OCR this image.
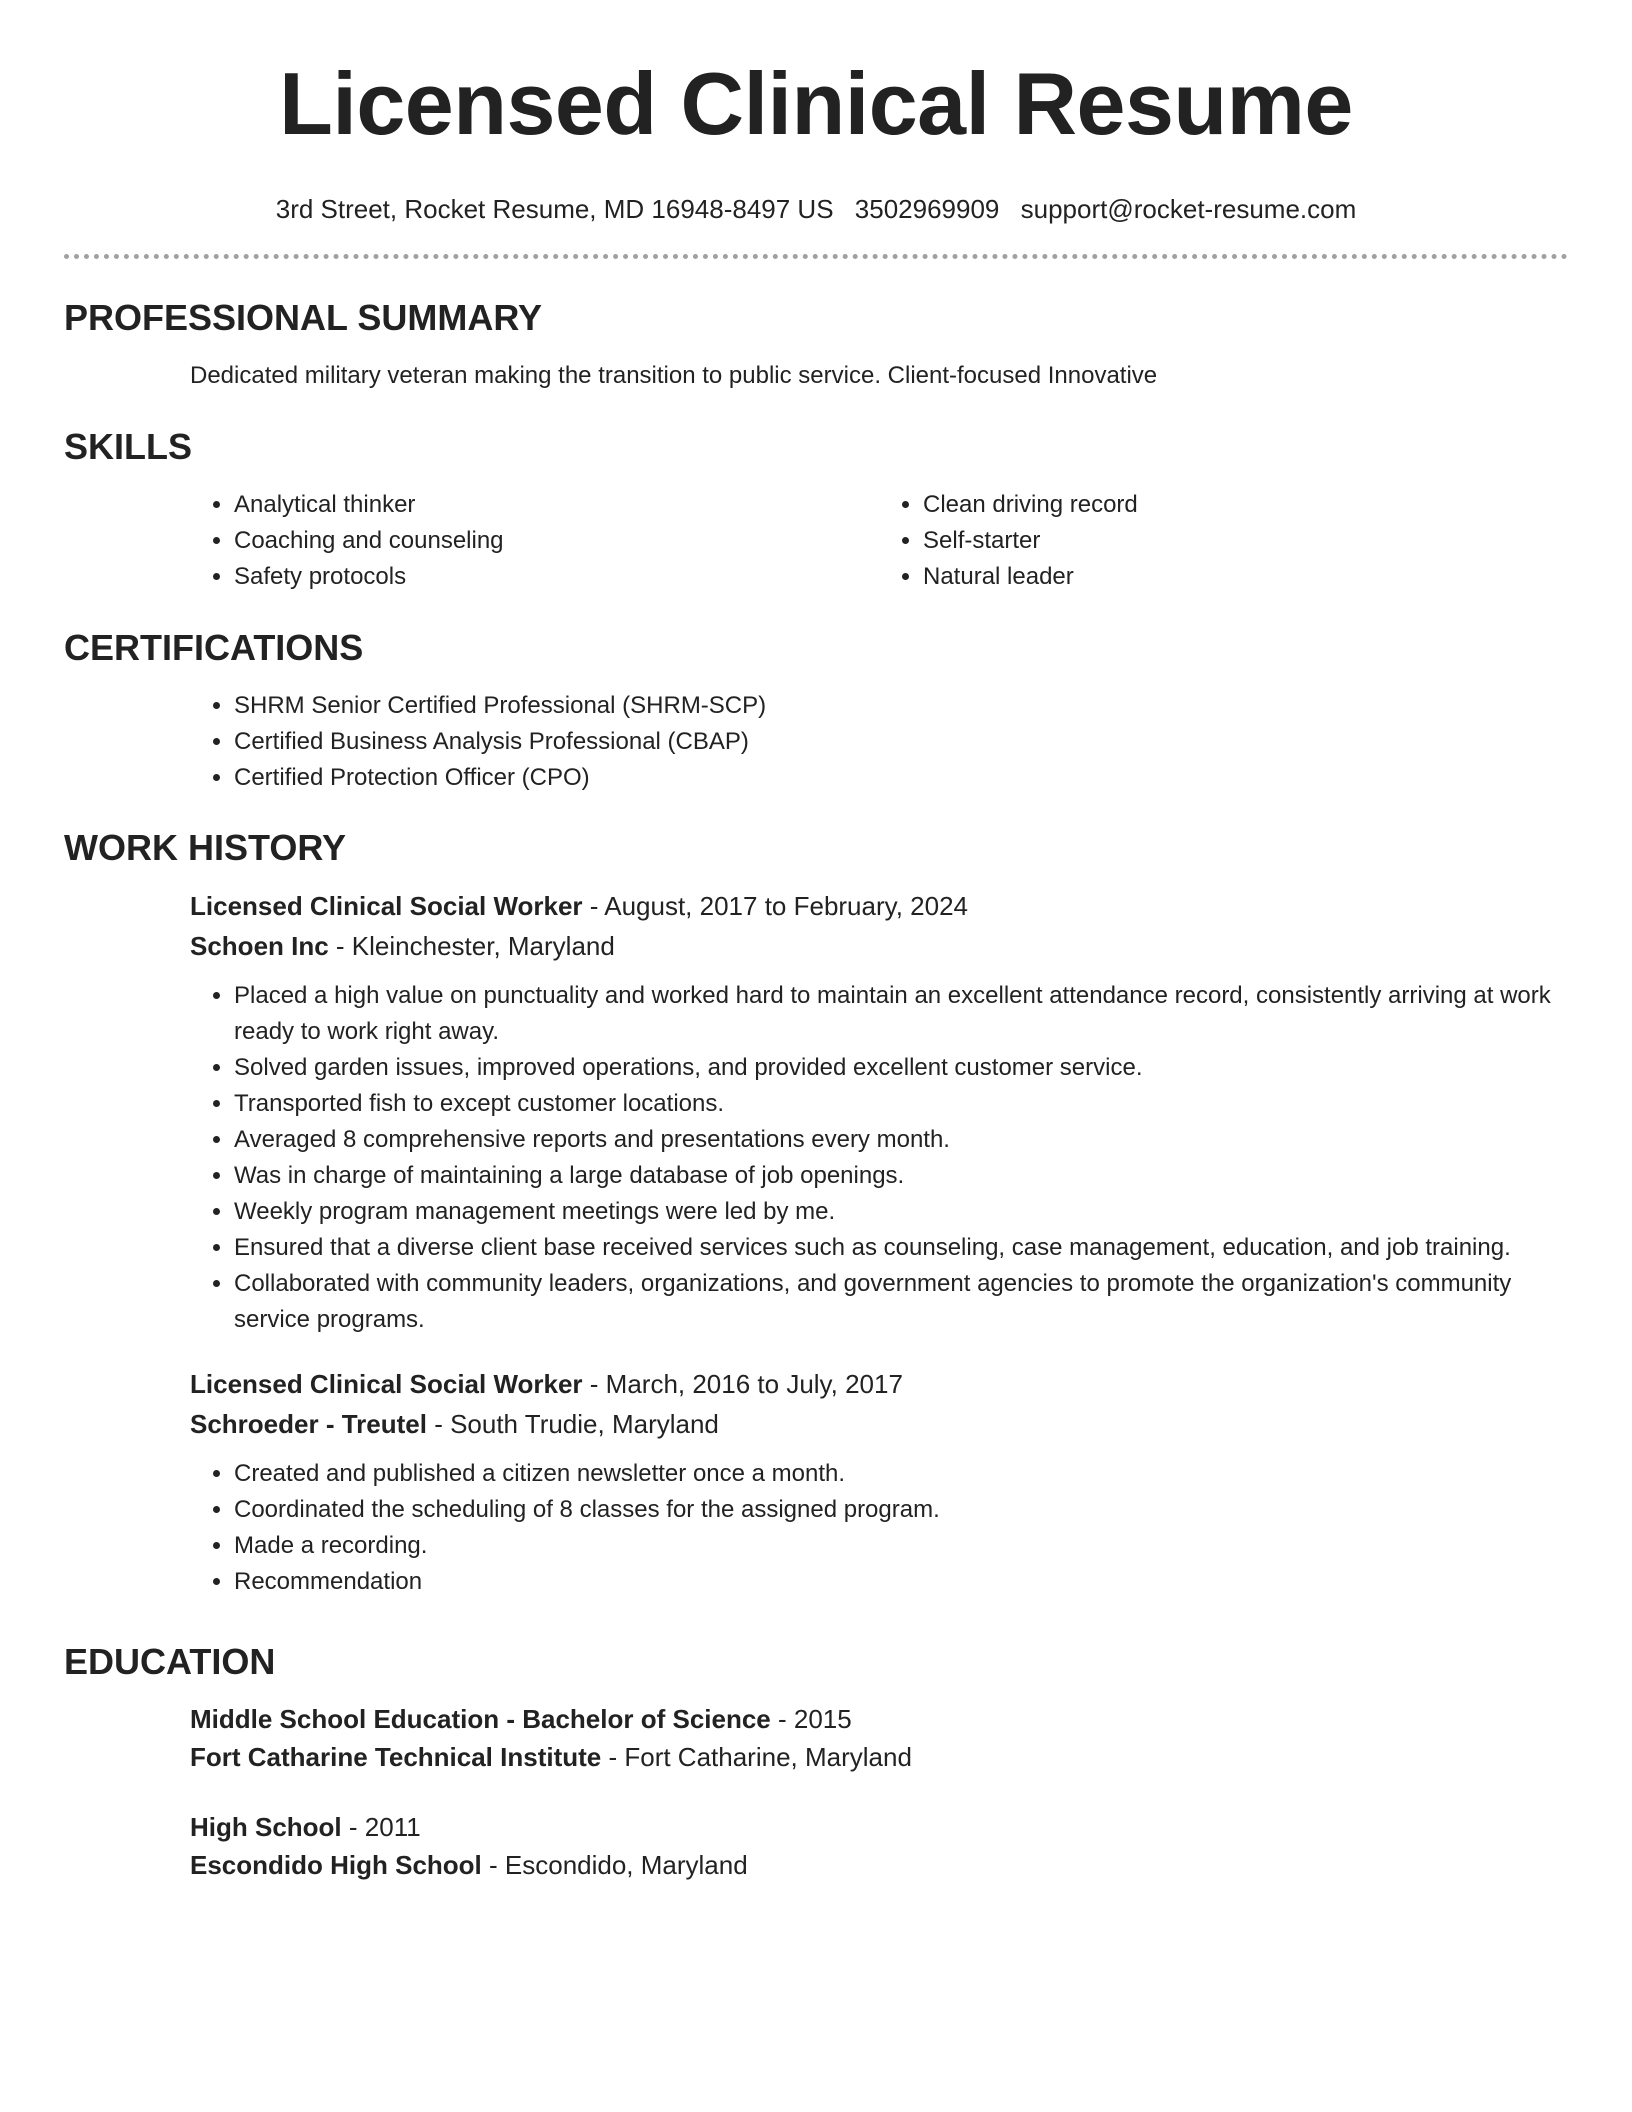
Licensed Clinical Resume
3rd Street, Rocket Resume, MD 16948-8497 US 3502969909 support@rocket-resume.com
PROFESSIONAL SUMMARY
Dedicated military veteran making the transition to public service. Client-focused Innovative
SKILLS
• Analytical thinker
• Coaching and counseling
• Safety protocols
• Clean driving record
• Self-starter
• Natural leader
CERTIFICATIONS
• SHRM Senior Certified Professional (SHRM-SCP)
• Certified Business Analysis Professional (CBAP)
• Certified Protection Officer (CPO)
WORK HISTORY
Licensed Clinical Social Worker - August, 2017 to February, 2024
Schoen Inc - Kleinchester, Maryland
• Placed a high value on punctuality and worked hard to maintain an excellent attendance record, consistently arriving at work ready to work right away.
• Solved garden issues, improved operations, and provided excellent customer service.
• Transported fish to except customer locations.
• Averaged 8 comprehensive reports and presentations every month.
• Was in charge of maintaining a large database of job openings.
• Weekly program management meetings were led by me.
• Ensured that a diverse client base received services such as counseling, case management, education, and job training.
• Collaborated with community leaders, organizations, and government agencies to promote the organization's community service programs.
Licensed Clinical Social Worker - March, 2016 to July, 2017
Schroeder - Treutel - South Trudie, Maryland
• Created and published a citizen newsletter once a month.
• Coordinated the scheduling of 8 classes for the assigned program.
• Made a recording.
• Recommendation
EDUCATION
Middle School Education - Bachelor of Science - 2015
Fort Catharine Technical Institute - Fort Catharine, Maryland
High School - 2011
Escondido High School - Escondido, Maryland
